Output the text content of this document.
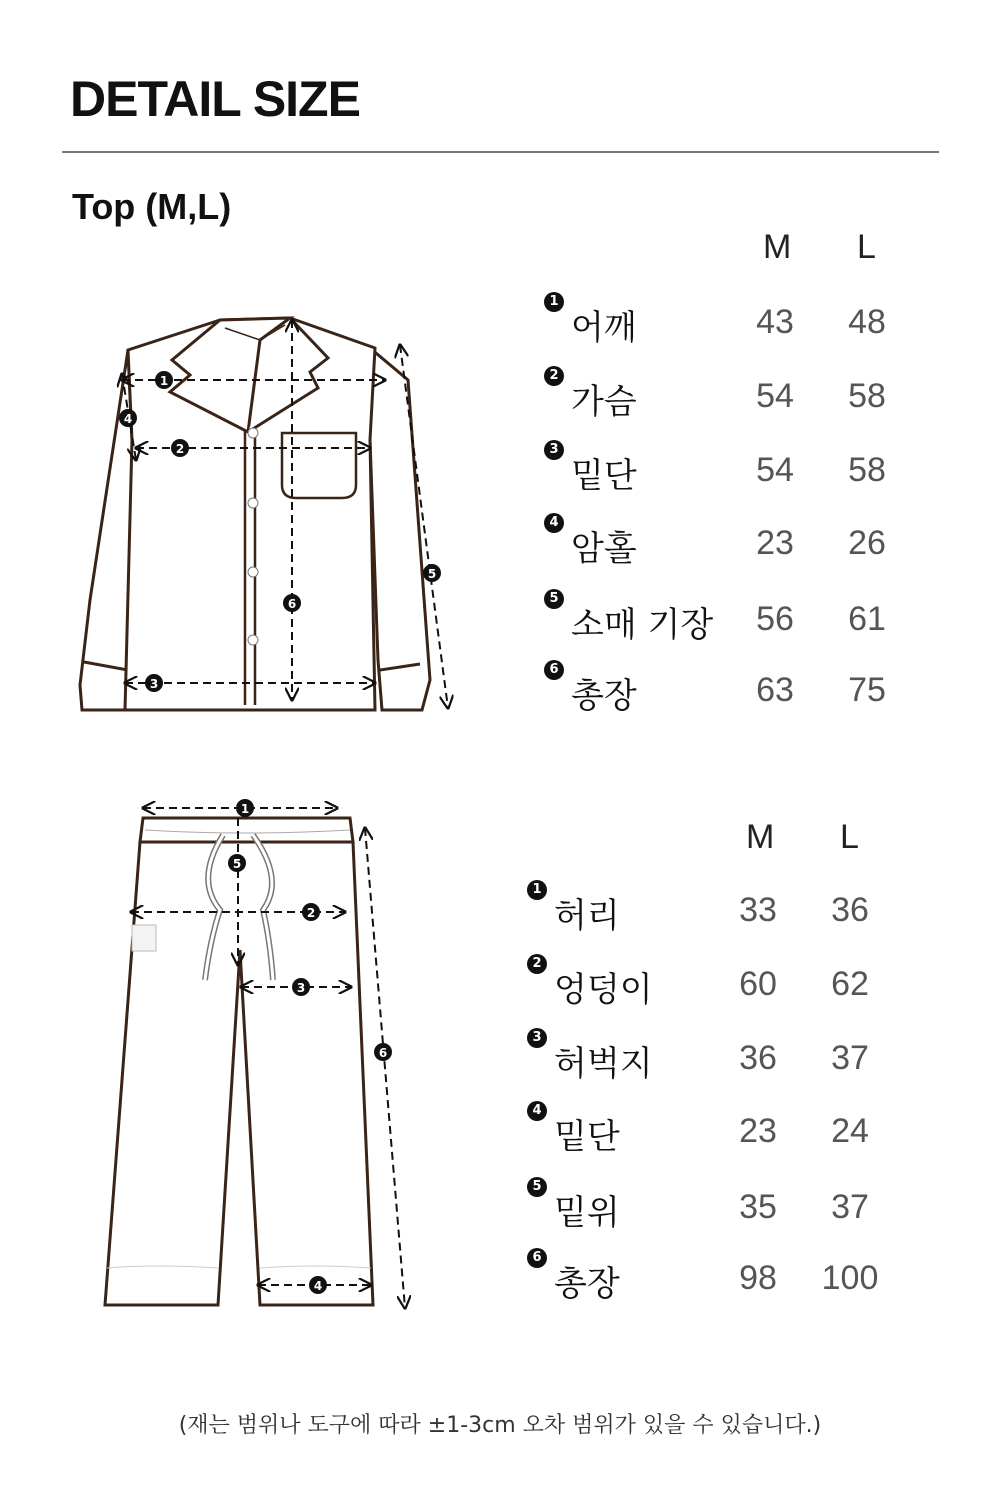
DETAIL SIZE
Top (M,L)
1
2
3
4
5
6
M L
1
어깨	43	48
2
가슴	54	58
3
밑단	54	58
4
암홀	23	26
5
소매 기장	56	61
6
총장	63	75
1
2
3
4
5
6
M L
1
허리	33	36
2
엉덩이	60	62
3
허벅지	36	37
4
밑단	23	24
5
밑위	35	37
6
총장	98	100
(재는 범위나 도구에 따라 ±1-3cm 오차 범위가 있을 수 있습니다.)
